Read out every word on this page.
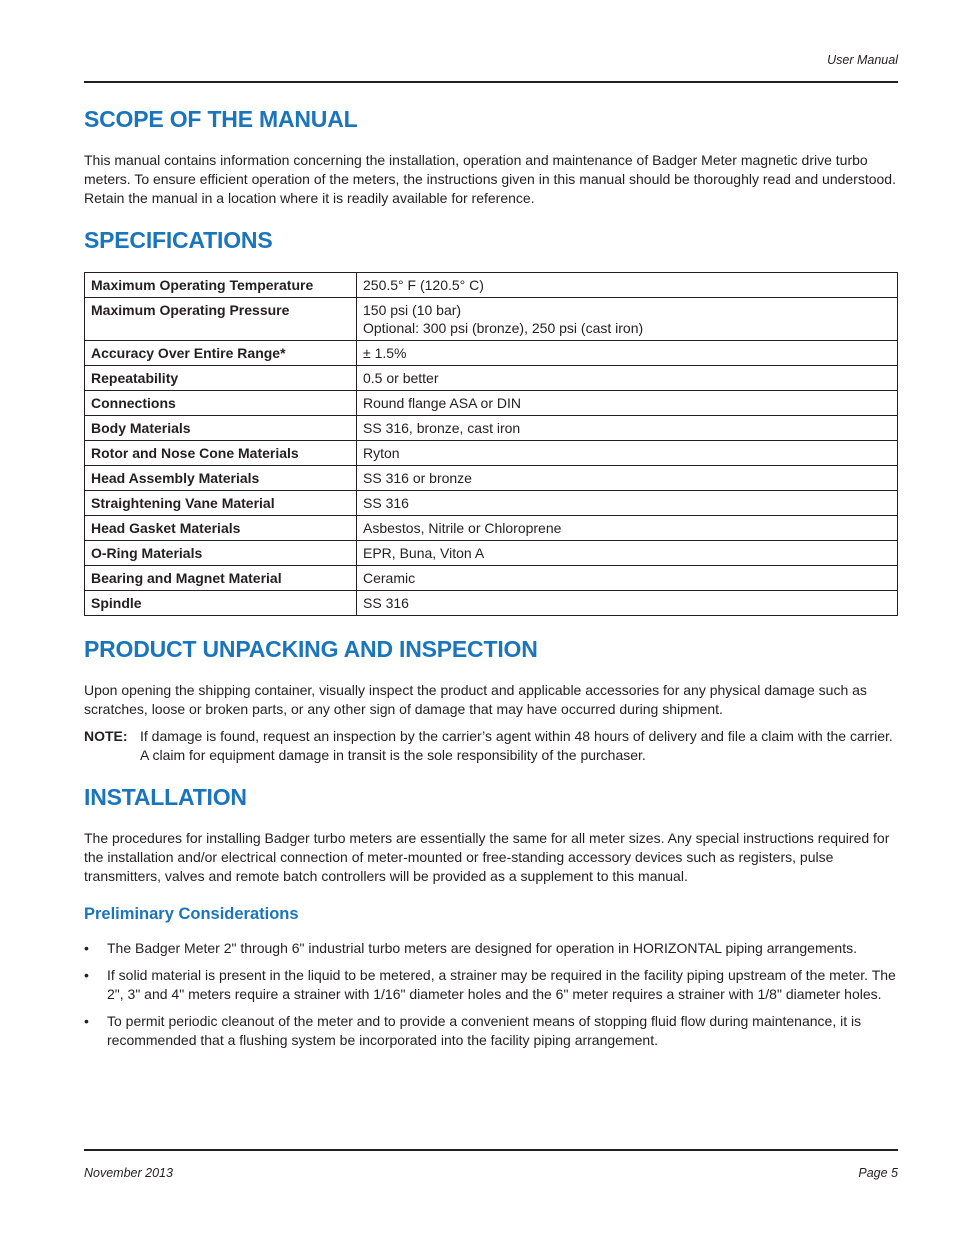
User Manual
SCOPE OF THE MANUAL

This manual contains information concerning the installation, operation and maintenance of Badger Meter magnetic drive turbo meters. To ensure efficient operation of the meters, the instructions given in this manual should be thoroughly read and understood. Retain the manual in a location where it is readily available for reference.

SPECIFICATIONS
Maximum Operating Temperature	250.5° F (120.5° C)
Maximum Operating Pressure	150 psi (10 bar)
Optional: 300 psi (bronze), 250 psi (cast iron)

Accuracy Over Entire Range*	± 1.5%
Repeatability	0.5 or better
Connections	Round flange ASA or DIN
Body Materials	SS 316, bronze, cast iron
Rotor and Nose Cone Materials	Ryton
Head Assembly Materials	SS 316 or bronze
Straightening Vane Material	SS 316
Head Gasket Materials	Asbestos, Nitrile or Chloroprene
O-Ring Materials	EPR, Buna, Viton A
Bearing and Magnet Material	Ceramic
Spindle	SS 316
PRODUCT UNPACKING AND INSPECTION

Upon opening the shipping container, visually inspect the product and applicable accessories for any physical damage such as scratches, loose or broken parts, or any other sign of damage that may have occurred during shipment.

NOTE: If damage is found, request an inspection by the carrier’s agent within 48 hours of delivery and file a claim with the carrier. A claim for equipment damage in transit is the sole responsibility of the purchaser.
INSTALLATION

The procedures for installing Badger turbo meters are essentially the same for all meter sizes. Any special instructions required for the installation and/or electrical connection of meter-mounted or free-standing accessory devices such as registers, pulse transmitters, valves and remote batch controllers will be provided as a supplement to this manual.

Preliminary Considerations
• The Badger Meter 2" through 6" industrial turbo meters are designed for operation in HORIZONTAL piping arrangements.
• If solid material is present in the liquid to be metered, a strainer may be required in the facility piping upstream of the meter. The 2", 3" and 4" meters require a strainer with 1/16" diameter holes and the 6" meter requires a strainer with 1/8" diameter holes.
• To permit periodic cleanout of the meter and to provide a convenient means of stopping fluid flow during maintenance, it is recommended that a flushing system be incorporated into the facility piping arrangement.
November 2013	Page 5
